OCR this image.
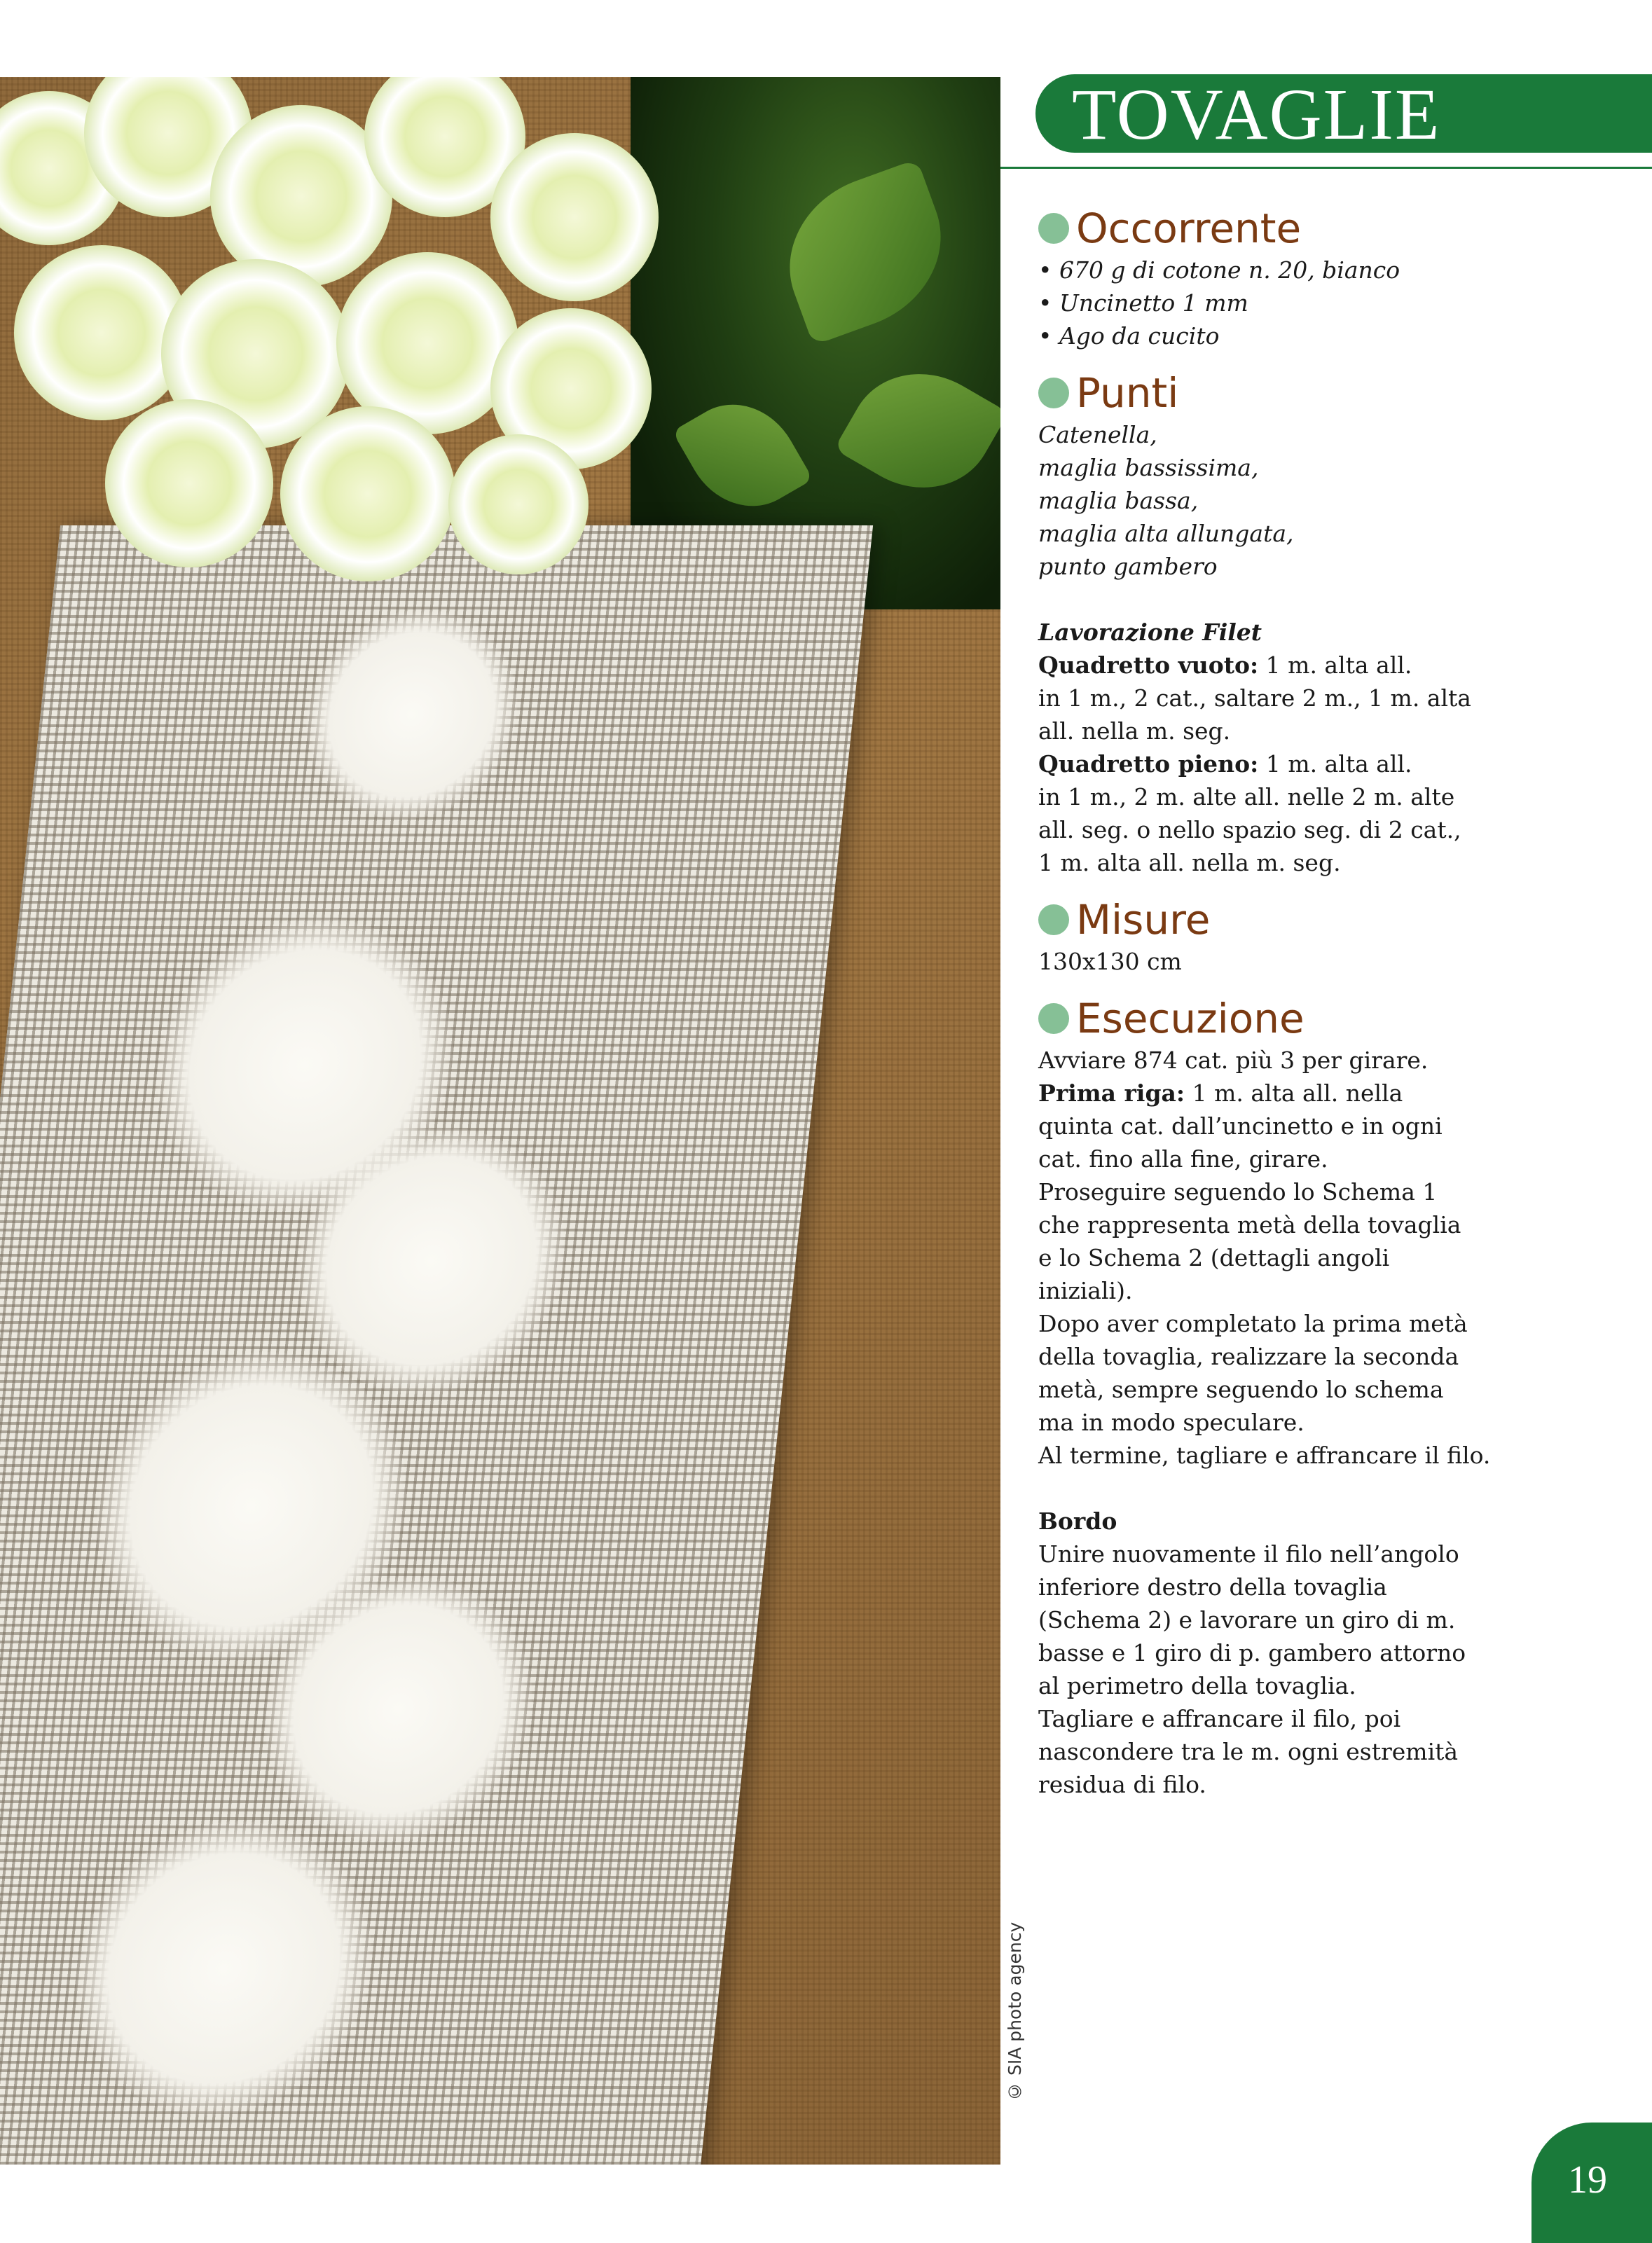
© SIA photo agency
TOVAGLIE
Occorrente
• 670 g di cotone n. 20, bianco
• Uncinetto 1 mm
• Ago da cucito
Punti
Catenella,
maglia bassissima,
maglia bassa,
maglia alta allungata,
punto gambero
Lavorazione Filet
Quadretto vuoto: 1 m. alta all.
in 1 m., 2 cat., saltare 2 m., 1 m. alta
all. nella m. seg.
Quadretto pieno: 1 m. alta all.
in 1 m., 2 m. alte all. nelle 2 m. alte
all. seg. o nello spazio seg. di 2 cat.,
1 m. alta all. nella m. seg.
Misure
130x130 cm
Esecuzione
Avviare 874 cat. più 3 per girare.
Prima riga: 1 m. alta all. nella
quinta cat. dall’uncinetto e in ogni
cat. fino alla fine, girare.
Proseguire seguendo lo Schema 1
che rappresenta metà della tovaglia
e lo Schema 2 (dettagli angoli
iniziali).
Dopo aver completato la prima metà
della tovaglia, realizzare la seconda
metà, sempre seguendo lo schema
ma in modo speculare.
Al termine, tagliare e affrancare il filo.
Bordo
Unire nuovamente il filo nell’angolo
inferiore destro della tovaglia
(Schema 2) e lavorare un giro di m.
basse e 1 giro di p. gambero attorno
al perimetro della tovaglia.
Tagliare e affrancare il filo, poi
nascondere tra le m. ogni estremità
residua di filo.
19
